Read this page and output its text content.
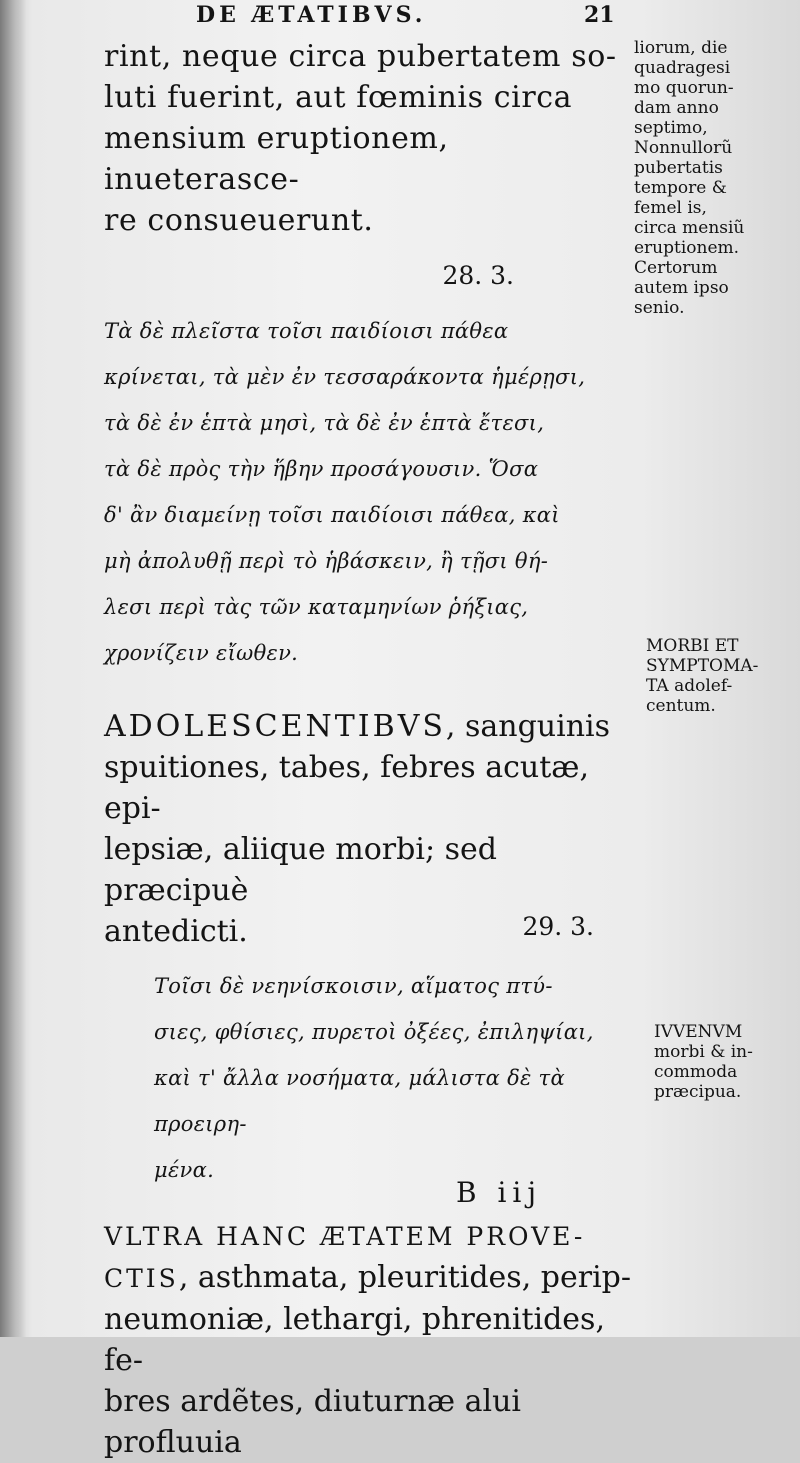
DE ÆTATIBVS.	21

rint, neque circa pubertatem so-
luti fuerint, aut fœminis circa
mensium eruptionem, inueterasce-
re consueuerunt.

28. 3.

Τὰ δὲ πλεῖστα τοῖσι παιδίοισι πάθεα
κρίνεται, τὰ μὲν ἐν τεσσαράκοντα ἡμέρῃσι,
τὰ δὲ ἐν ἑπτὰ μησὶ, τὰ δὲ ἐν ἑπτὰ ἔτεσι,
τὰ δὲ πρὸς τὴν ἥβην προσάγουσιν. Ὅσα
δ' ἂν διαμείνῃ τοῖσι παιδίοισι πάθεα, καὶ
μὴ ἀπολυθῇ περὶ τὸ ἡβάσκειν, ἢ τῇσι θή-
λεσι περὶ τὰς τῶν καταμηνίων ῥήξιας,
χρονίζειν εἴωθεν.

ADOLESCENTIBVS, sanguinis
spuitiones, tabes, febres acutæ, epi-
lepsiæ, aliique morbi; sed præcipuè
antedicti.	29. 3.

Τοῖσι δὲ νεηνίσκοισιν, αἵματος πτύ-
σιες, φθίσιες, πυρετοὶ ὀξέες, ἐπιληψίαι,
καὶ τ' ἄλλα νοσήματα, μάλιστα δὲ τὰ προειρη-
μένα.

VLTRA HANC ÆTATEM PROVE-
CTIS, asthmata, pleuritides, perip-
neumoniæ, lethargi, phrenitides, fe-
bres ardẽtes, diuturnæ alui profluuia

liorum, die
quadragesi
mo quorun-
dam anno
septimo,
Nonnullorũ
pubertatis
tempore &
femel is,
circa mensiũ
eruptionem.
Certorum
autem ipso
senio.
MORBI ET
SYMPTOMA-
TA adolef-
centum.
IVVENVM
morbi & in-
commoda
præcipua.
B iij
